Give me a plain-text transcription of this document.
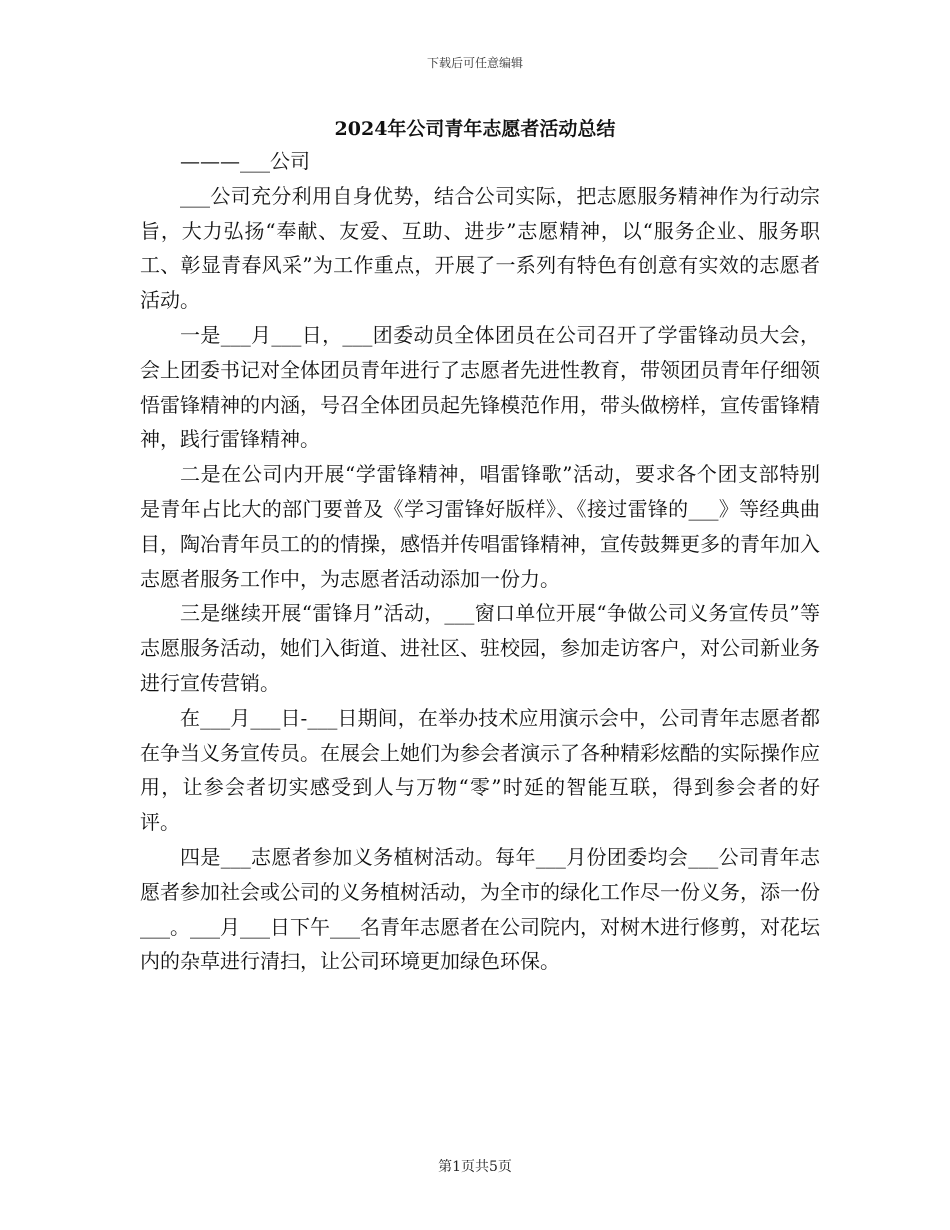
下载后可任意编辑
2024年公司青年志愿者活动总结

———___公司

___公司充分利用自身优势，结合公司实际，把志愿服务精神作为行动宗旨，大力弘扬“奉献、友爱、互助、进步”志愿精神，以“服务企业、服务职工、彰显青春风采”为工作重点，开展了一系列有特色有创意有实效的志愿者活动。

一是___月___日，___团委动员全体团员在公司召开了学雷锋动员大会，会上团委书记对全体团员青年进行了志愿者先进性教育，带领团员青年仔细领悟雷锋精神的内涵，号召全体团员起先锋模范作用，带头做榜样，宣传雷锋精神，践行雷锋精神。

二是在公司内开展“学雷锋精神，唱雷锋歌”活动，要求各个团支部特别是青年占比大的部门要普及《学习雷锋好版样》、《接过雷锋的___》等经典曲目，陶冶青年员工的的情操，感悟并传唱雷锋精神，宣传鼓舞更多的青年加入志愿者服务工作中，为志愿者活动添加一份力。

三是继续开展“雷锋月”活动，___窗口单位开展“争做公司义务宣传员”等志愿服务活动，她们入街道、进社区、驻校园，参加走访客户，对公司新业务进行宣传营销。

在___月___日-___日期间，在举办技术应用演示会中，公司青年志愿者都在争当义务宣传员。在展会上她们为参会者演示了各种精彩炫酷的实际操作应用，让参会者切实感受到人与万物“零”时延的智能互联，得到参会者的好评。

四是___志愿者参加义务植树活动。每年___月份团委均会___公司青年志愿者参加社会或公司的义务植树活动，为全市的绿化工作尽一份义务，添一份___。___月___日下午___名青年志愿者在公司院内，对树木进行修剪，对花坛内的杂草进行清扫，让公司环境更加绿色环保。

第1页共5页
